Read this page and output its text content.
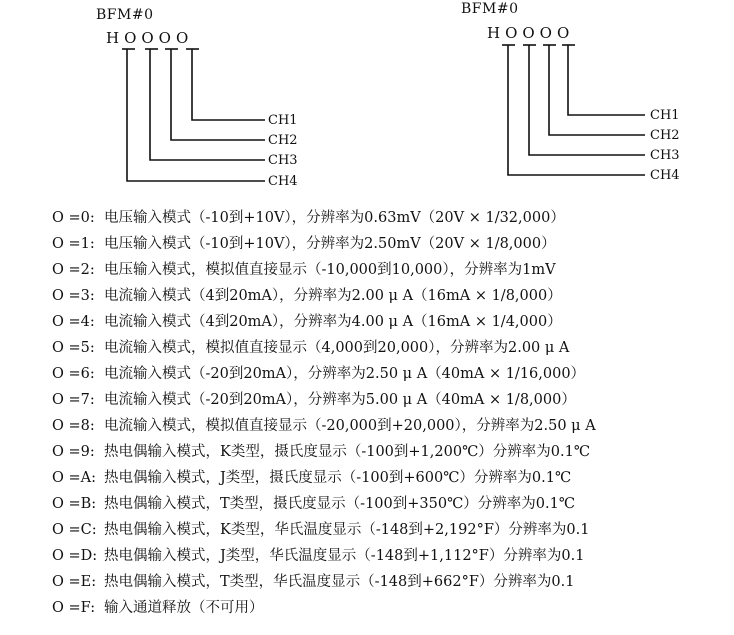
BFM#0
HOOOO
CH1
CH2
CH3
CH4
BFM#0
HOOOO
CH1
CH2
CH3
CH4
O =0: 电压输入模式（-10到+10V），分辨率为0.63mV（20V × 1/32,000）
O =1: 电压输入模式（-10到+10V），分辨率为2.50mV（20V × 1/8,000）
O =2: 电压输入模式，模拟值直接显示（-10,000到10,000），分辨率为1mV
O =3: 电流输入模式（4到20mA），分辨率为2.00 μ A（16mA × 1/8,000）
O =4: 电流输入模式（4到20mA），分辨率为4.00 μ A（16mA × 1/4,000）
O =5: 电流输入模式，模拟值直接显示（4,000到20,000），分辨率为2.00 μ A
O =6: 电流输入模式（-20到20mA），分辨率为2.50 μ A（40mA × 1/16,000）
O =7: 电流输入模式（-20到20mA），分辨率为5.00 μ A（40mA × 1/8,000）
O =8: 电流输入模式，模拟值直接显示（-20,000到+20,000），分辨率为2.50 μ A
O =9: 热电偶输入模式，K类型，摄氏度显示（-100到+1,200℃）分辨率为0.1℃
O =A: 热电偶输入模式，J类型，摄氏度显示（-100到+600℃）分辨率为0.1℃
O =B: 热电偶输入模式，T类型，摄氏度显示（-100到+350℃）分辨率为0.1℃
O =C: 热电偶输入模式，K类型，华氏温度显示（-148到+2,192°F）分辨率为0.1
O =D: 热电偶输入模式，J类型，华氏温度显示（-148到+1,112°F）分辨率为0.1
O =E: 热电偶输入模式，T类型，华氏温度显示（-148到+662°F）分辨率为0.1
O =F: 输入通道释放（不可用）
